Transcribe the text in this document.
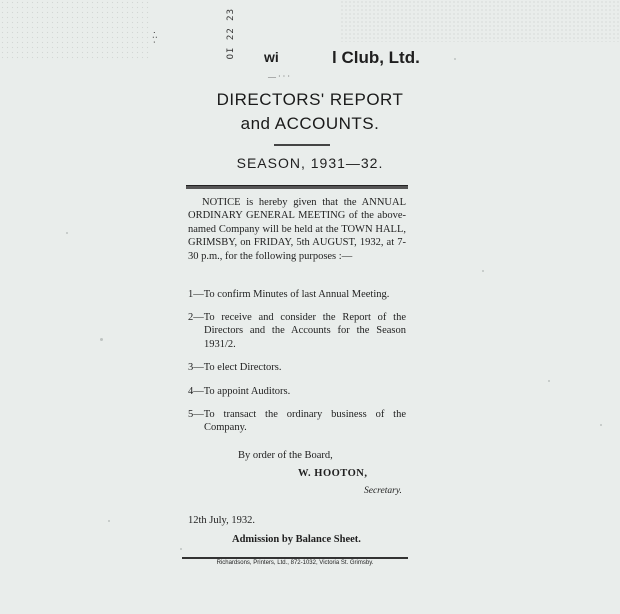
OI 22 23
·:·
wi	l Club, Ltd.
— · · ·
DIRECTORS' REPORT
and ACCOUNTS.
SEASON, 1931—32.
NOTICE is hereby given that the ANNUAL ORDINARY GENERAL MEETING of the above-named Company will be held at the TOWN HALL, GRIMSBY, on FRIDAY, 5th AUGUST, 1932, at 7-30 p.m., for the following purposes :—
1—To confirm Minutes of last Annual Meeting.
2—To receive and consider the Report of the Directors and the Accounts for the Season 1931/2.
3—To elect Directors.
4—To appoint Auditors.
5—To transact the ordinary business of the Company.
By order of the Board,
W. HOOTON,
Secretary.
12th July, 1932.
Admission by Balance Sheet.
Richardsons, Printers, Ltd., 872-1032, Victoria St. Grimsby.
